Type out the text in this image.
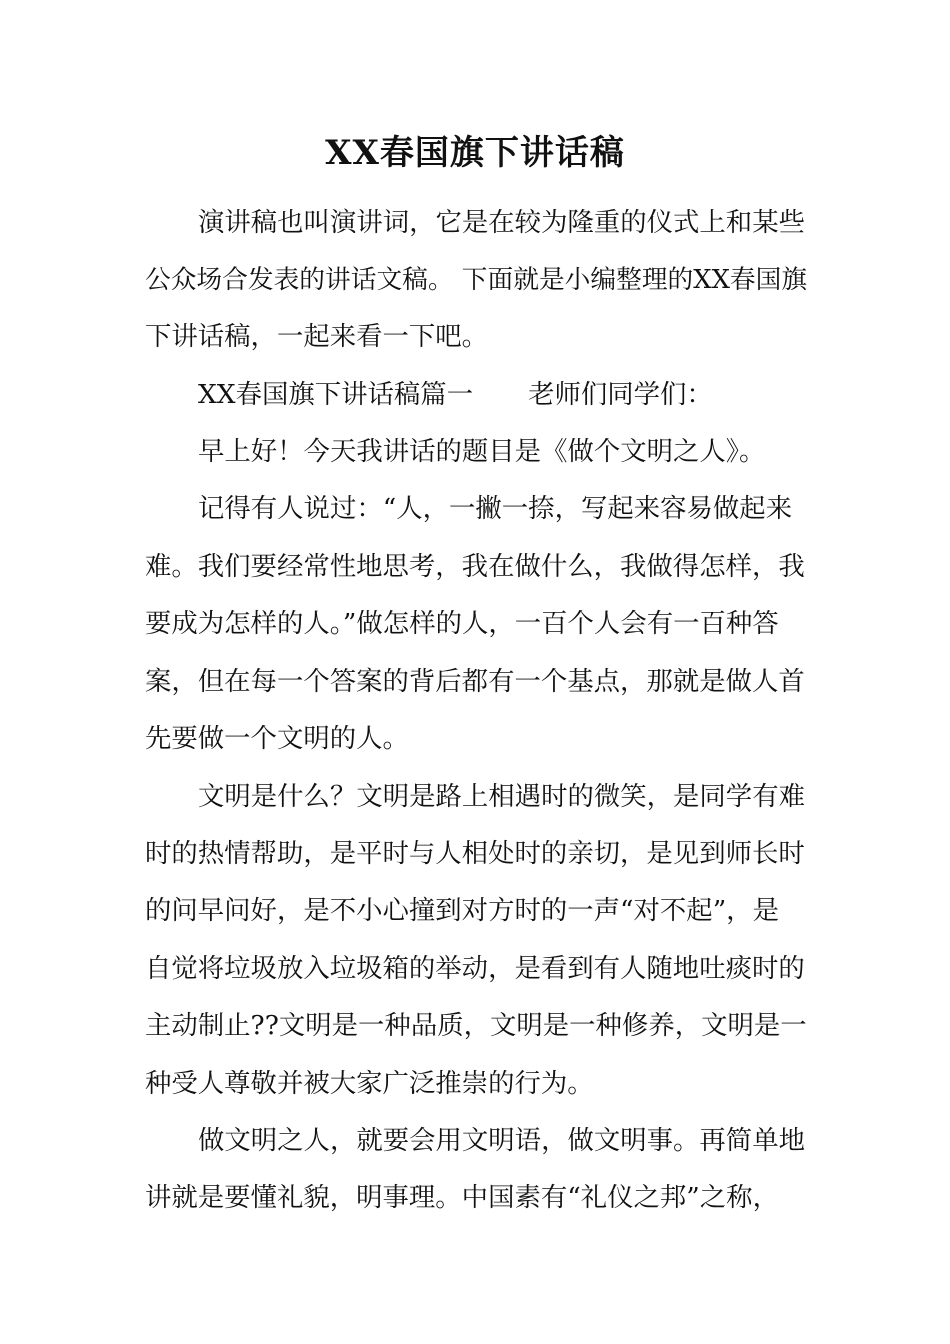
XX春国旗下讲话稿

演讲稿也叫演讲词，它是在较为隆重的仪式上和某些

公众场合发表的讲话文稿。 下面就是小编整理的XX春国旗

下讲话稿，一起来看一下吧。

XX春国旗下讲话稿篇一 老师们同学们：

早上好！今天我讲话的题目是《做个文明之人》。

记得有人说过：“人，一撇一捺，写起来容易做起来

难。我们要经常性地思考，我在做什么，我做得怎样，我

要成为怎样的人。”做怎样的人，一百个人会有一百种答

案，但在每一个答案的背后都有一个基点，那就是做人首

先要做一个文明的人。

文明是什么？文明是路上相遇时的微笑，是同学有难

时的热情帮助，是平时与人相处时的亲切，是见到师长时

的问早问好，是不小心撞到对方时的一声“对不起”，是

自觉将垃圾放入垃圾箱的举动，是看到有人随地吐痰时的

主动制止??文明是一种品质，文明是一种修养，文明是一

种受人尊敬并被大家广泛推崇的行为。

做文明之人，就要会用文明语，做文明事。再简单地

讲就是要懂礼貌，明事理。中国素有“礼仪之邦”之称，
